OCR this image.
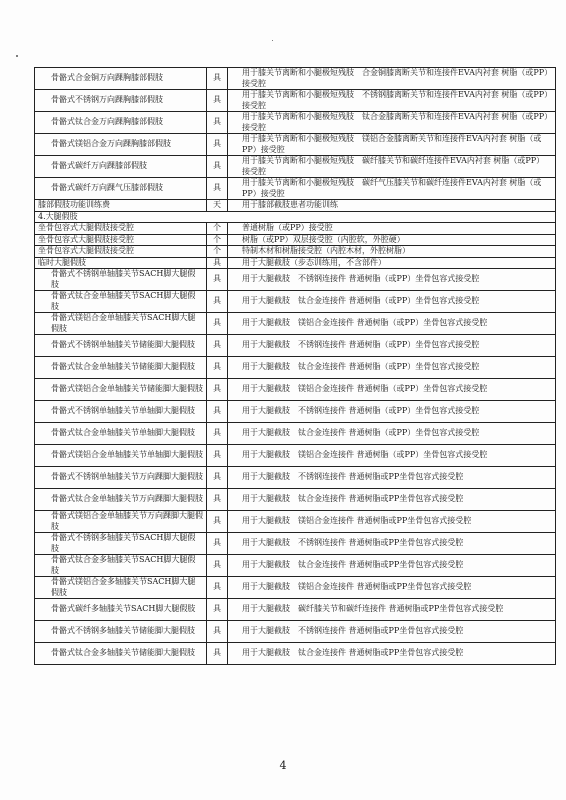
骨骼式合金铜万向踝胸膝部假肢	具	用于膝关节离断和小腿极短残肢　合金铜膝离断关节和连接件EVA内衬套 树脂（或PP）接受腔
骨骼式不锈钢万向踝胸膝部假肢	具	用于膝关节离断和小腿极短残肢　不锈钢膝离断关节和连接件EVA内衬套 树脂（或PP）接受腔
骨骼式钛合金万向踝胸膝部假肢	具	用于膝关节离断和小腿极短残肢　钛合金膝离断关节和连接件EVA内衬套 树脂（或PP）接受腔
骨骼式镁铝合金万向踝胸膝部假肢	具	用于膝关节离断和小腿极短残肢　镁铝合金膝离断关节和连接件EVA内衬套 树脂（或PP）接受腔
骨骼式碳纤万向踝膝部假肢	具	用于膝关节离断和小腿极短残肢　碳纤膝关节和碳纤连接件EVA内衬套 树脂（或PP）接受腔
骨骼式碳纤万向踝气压膝部假肢	具	用于膝关节离断和小腿极短残肢　碳纤气压膝关节和碳纤连接件EVA内衬套 树脂（或PP）接受腔
膝部假肢功能训练费	天	用于膝部截肢患者功能训练
4.大腿假肢		
坐骨包容式大腿假肢接受腔	个	普通树脂（或PP）接受腔
坐骨包容式大腿假肢接受腔	个	树脂（或PP）双层接受腔（内腔软，外腔硬）
坐骨包容式大腿假肢接受腔	个	特制木材和树脂接受腔（内腔木材，外腔树脂）
临时大腿假肢	具	用于大腿截肢（步态训练用，不含部件）
骨骼式不锈钢单轴膝关节SACH脚大腿假肢	具	用于大腿截肢　不锈钢连接件 普通树脂（或PP）坐骨包容式接受腔
骨骼式钛合金单轴膝关节SACH脚大腿假肢	具	用于大腿截肢　钛合金连接件 普通树脂（或PP）坐骨包容式接受腔
骨骼式镁铝合金单轴膝关节SACH脚大腿假肢	具	用于大腿截肢　镁铝合金连接件 普通树脂（或PP）坐骨包容式接受腔
骨骼式不锈钢单轴膝关节储能脚大腿假肢	具	用于大腿截肢　不锈钢连接件 普通树脂（或PP）坐骨包容式接受腔
骨骼式钛合金单轴膝关节储能脚大腿假肢	具	用于大腿截肢　钛合金连接件 普通树脂（或PP）坐骨包容式接受腔
骨骼式镁铝合金单轴膝关节储能脚大腿假肢	具	用于大腿截肢　镁铝合金连接件 普通树脂（或PP）坐骨包容式接受腔
骨骼式不锈钢单轴膝关节单轴脚大腿假肢	具	用于大腿截肢　不锈钢连接件 普通树脂（或PP）坐骨包容式接受腔
骨骼式钛合金单轴膝关节单轴脚大腿假肢	具	用于大腿截肢　钛合金连接件 普通树脂（或PP）坐骨包容式接受腔
骨骼式镁铝合金单轴膝关节单轴脚大腿假肢	具	用于大腿截肢　镁铝合金连接件 普通树脂（或PP）坐骨包容式接受腔
骨骼式不锈钢单轴膝关节万向踝脚大腿假肢	具	用于大腿截肢　不锈钢连接件 普通树脂或PP坐骨包容式接受腔
骨骼式钛合金单轴膝关节万向踝脚大腿假肢	具	用于大腿截肢　钛合金连接件 普通树脂或PP坐骨包容式接受腔
骨骼式镁铝合金单轴膝关节万向踝脚大腿假肢	具	用于大腿截肢　镁铝合金连接件 普通树脂或PP坐骨包容式接受腔
骨骼式不锈钢多轴膝关节SACH脚大腿假肢	具	用于大腿截肢　不锈钢连接件 普通树脂或PP坐骨包容式接受腔
骨骼式钛合金多轴膝关节SACH脚大腿假肢	具	用于大腿截肢　钛合金连接件 普通树脂或PP坐骨包容式接受腔
骨骼式镁铝合金多轴膝关节SACH脚大腿假肢	具	用于大腿截肢　镁铝合金连接件 普通树脂或PP坐骨包容式接受腔
骨骼式碳纤多轴膝关节SACH脚大腿假肢	具	用于大腿截肢　碳纤膝关节和碳纤连接件 普通树脂或PP坐骨包容式接受腔
骨骼式不锈钢多轴膝关节储能脚大腿假肢	具	用于大腿截肢　不锈钢连接件 普通树脂或PP坐骨包容式接受腔
骨骼式钛合金多轴膝关节储能脚大腿假肢	具	用于大腿截肢　钛合金连接件 普通树脂或PP坐骨包容式接受腔
4
